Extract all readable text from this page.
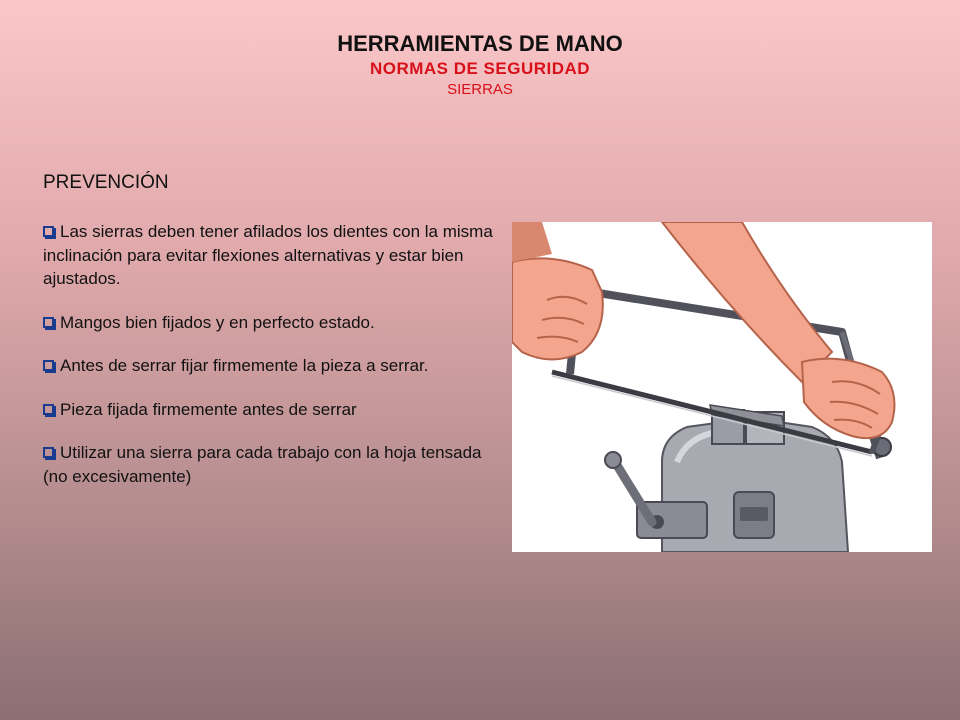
HERRAMIENTAS DE MANO
NORMAS DE SEGURIDAD
SIERRAS
PREVENCIÓN
Las sierras deben tener afilados los dientes con la misma inclinación para evitar flexiones alternativas y estar bien ajustados.
Mangos bien fijados y en perfecto estado.
Antes de serrar fijar firmemente la pieza a serrar.
Pieza fijada firmemente antes de serrar
Utilizar una sierra para cada trabajo con la hoja tensada (no excesivamente)
